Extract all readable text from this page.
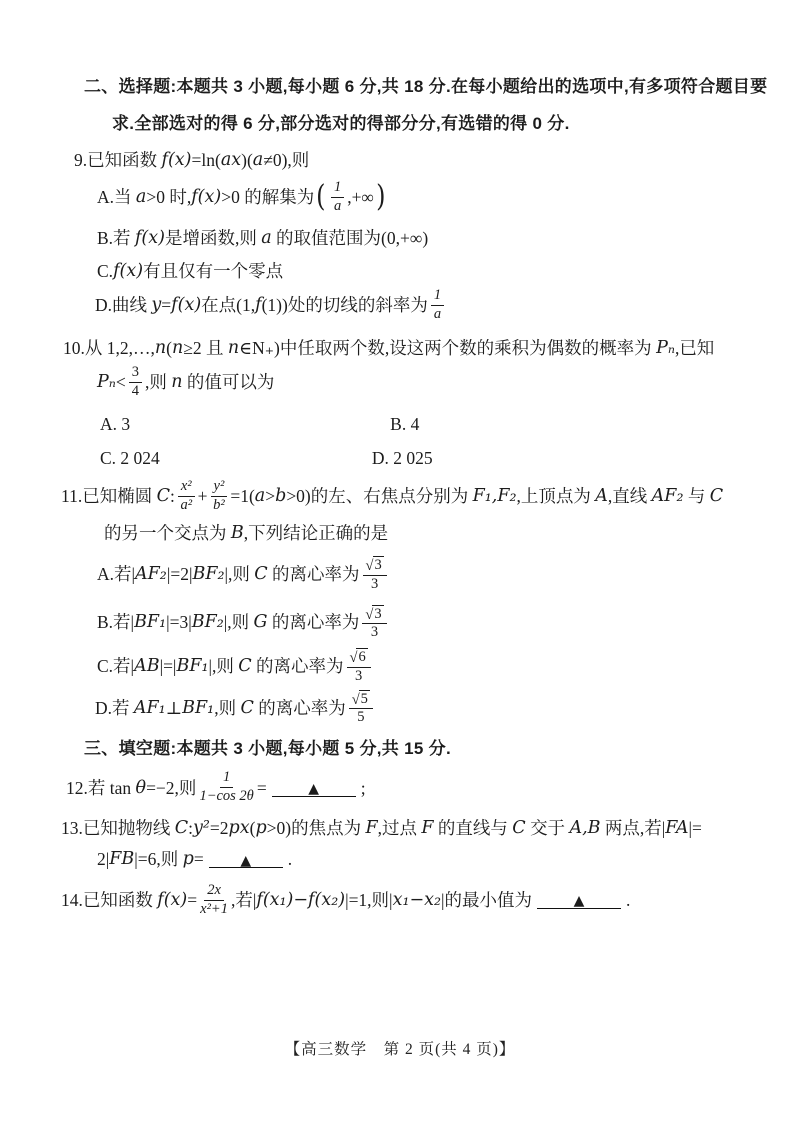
二、选择题:本题共 3 小题,每小题 6 分,共 18 分.在每小题给出的选项中,有多项符合题目要
求.全部选对的得 6 分,部分选对的得部分分,有选错的得 0 分.
9.已知函数 f(x) =ln( ax )( a ≠0),则
A.当 a >0 时, f(x) >0 的解集为 ( $\frac{1}{a}$ ,+∞ )
B.若 f(x) 是增函数,则 a 的取值范围为(0,+∞)
C. f(x) 有且仅有一个零点
D.曲线 y = f(x) 在点(1, f (1))处的切线的斜率为 $\frac{1}{a}$
10.从 1,2,…, n ( n ≥2 且 n ∈N₊)中任取两个数,设这两个数的乘积为偶数的概率为 Pₙ ,已知
$P_n < \frac{3}{4}$ ,则 n 的值可以为
A. 3	B. 4
C. 2 024	D. 2 025
11.已知椭圆 C : $\frac{\text{x²}}{\text{a²}} + \frac{\text{y²}}{\text{b²}} =1$( a > b >0)的左、右焦点分别为 F₁,F₂ ,上顶点为 A ,直线 AF₂ 与 C
的另一个交点为 B ,下列结论正确的是
A.若| AF₂ |=2| BF₂ |,则 C 的离心率为 $\frac{√ 3}{3}$
B.若| BF₁ |=3| BF₂ |,则 G 的离心率为 $\frac{√ 3}{3}$
C.若| AB |=| BF₁ |,则 C 的离心率为 $\frac{√ 6}{3}$
D.若 AF₁ ⊥ BF₁ ,则 C 的离心率为 $\frac{√ 5}{5}$
三、填空题:本题共 3 小题,每小题 5 分,共 15 分.
12.若 tan θ =−2,则 $\frac{1}{1-\cos 2\theta}$ =	▲ ;
13.已知抛物线 C : y² =2 px ( p >0)的焦点为 F ,过点 F 的直线与 C 交于 A,B 两点,若| FA |=
2| FB |=6,则 p =	▲ .
14.已知函数 $f(x) = \frac{2x}{\text{x²+1}}$ ,若| f(x₁)−f(x₂) |=1,则| x₁−x₂ |的最小值为	▲ .
【高三数学　第 2 页(共 4 页)】
